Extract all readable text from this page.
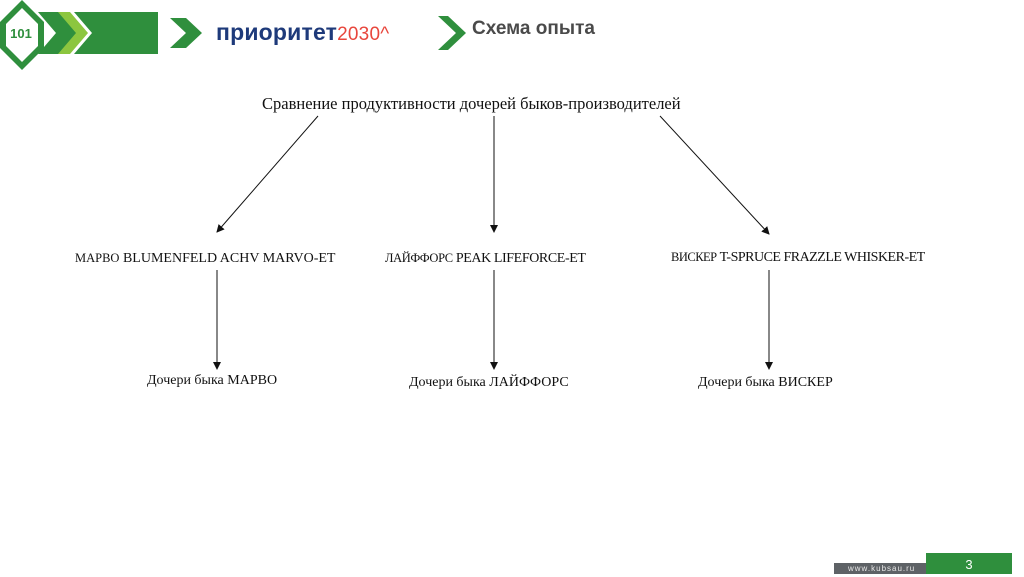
101	приоритет2030^	Схема опыта
Сравнение продуктивности дочерей быков-производителей
МАРВО BLUMENFELD ACHV MARVO-ET	ЛАЙФФОРС PEAK LIFEFORCE-ET	ВИСКЕР T-SPRUCE FRAZZLE WHISKER-ET
Дочери быка МАРВО	Дочери быка ЛАЙФФОРС	Дочери быка ВИСКЕР
www.kubsau.ru	3
